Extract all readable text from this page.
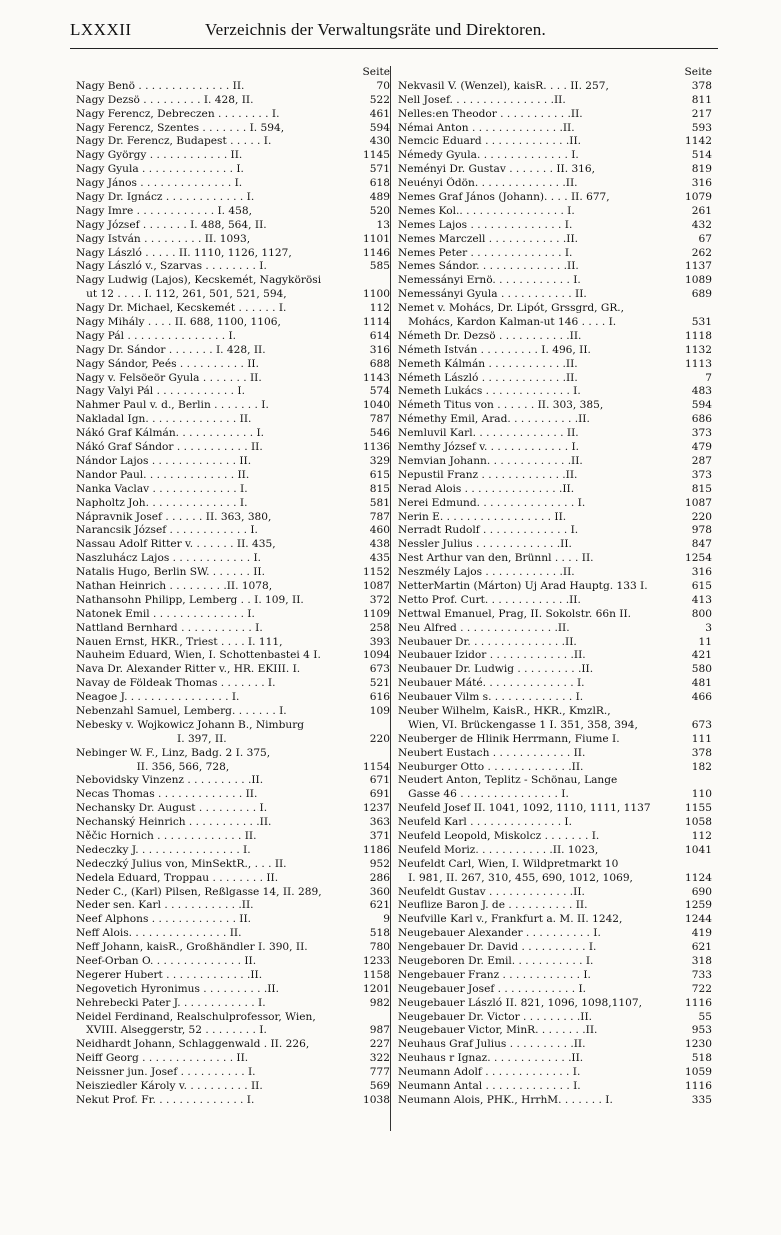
LXXXII	Verzeichnis der Verwaltungsräte und Direktoren.
Seite
Nagy Benö . . . . . . . . . . . . . . II.	70
Nagy Dezsö . . . . . . . . . I. 428, II.	522
Nagy Ferencz, Debreczen . . . . . . . . I.	461
Nagy Ferencz, Szentes . . . . . . . I. 594,	594
Nagy Dr. Ferencz, Budapest . . . . . I.	430
Nagy György . . . . . . . . . . . . II.	1145
Nagy Gyula . . . . . . . . . . . . . . I.	571
Nagy János . . . . . . . . . . . . . . I.	618
Nagy Dr. Ignácz . . . . . . . . . . . . I.	489
Nagy Imre . . . . . . . . . . . . I. 458,	520
Nagy József . . . . . . . I. 488, 564, II.	13
Nagy István . . . . . . . . . II. 1093,	1101
Nagy László . . . . . II. 1110, 1126, 1127,	1146
Nagy László v., Szarvas . . . . . . . . I.	585
Nagy Ludwig (Lajos), Kecskemét, Nagykörösi
ut 12 . . . . I. 112, 261, 501, 521, 594,	1100
Nagy Dr. Michael, Kecskemét . . . . . . I.	112
Nagy Mihály . . . . II. 688, 1100, 1106,	1114
Nagy Pál . . . . . . . . . . . . . . . I.	614
Nagy Dr. Sándor . . . . . . . I. 428, II.	316
Nagy Sándor, Peés . . . . . . . . . . II.	688
Nagy v. Felsöeör Gyula . . . . . . . II.	1143
Nagy Valyi Pál . . . . . . . . . . . . I.	574
Nahmer Paul v. d., Berlin . . . . . . . I.	1040
Nakladal Ign. . . . . . . . . . . . . . II.	787
Nákó Graf Kálmán. . . . . . . . . . . . I.	546
Nákó Graf Sándor . . . . . . . . . . . II.	1136
Nándor Lajos . . . . . . . . . . . . . II.	329
Nandor Paul. . . . . . . . . . . . . . II.	615
Nanka Vaclav . . . . . . . . . . . . . I.	815
Napholtz Joh. . . . . . . . . . . . . . I.	581
Nápravnik Josef . . . . . . II. 363, 380,	787
Narancsik József . . . . . . . . . . . . I.	460
Nassau Adolf Ritter v. . . . . . . II. 435,	438
Naszluhácz Lajos . . . . . . . . . . . . I.	435
Natalis Hugo, Berlin SW. . . . . . . II.	1152
Nathan Heinrich . . . . . . . . .II. 1078,	1087
Nathansohn Philipp, Lemberg . . I. 109, II.	372
Natonek Emil . . . . . . . . . . . . . . I.	1109
Nattland Bernhard . . . . . . . . . . . I.	258
Nauen Ernst, HKR., Triest . . . . I. 111,	393
Nauheim Eduard, Wien, I. Schottenbastei 4 I.	1094
Nava Dr. Alexander Ritter v., HR. EKIII. I.	673
Navay de Földeak Thomas . . . . . . . I.	521
Neagoe J. . . . . . . . . . . . . . . . I.	616
Nebenzahl Samuel, Lemberg. . . . . . . I.	109
Nebesky v. Wojkowicz Johann B., Nimburg
I. 397, II.	220
Nebinger W. F., Linz, Badg. 2 I. 375,
II. 356, 566, 728,	1154
Nebovidsky Vinzenz . . . . . . . . . .II.	671
Necas Thomas . . . . . . . . . . . . . II.	691
Nechansky Dr. August . . . . . . . . . I.	1237
Nechanský Heinrich . . . . . . . . . . .II.	363
Něčic Hornich . . . . . . . . . . . . . II.	371
Nedeczky J. . . . . . . . . . . . . . . . I.	1186
Nedeczký Julius von, MinSektR., . . . II.	952
Nedela Eduard, Troppau . . . . . . . . II.	286
Neder C., (Karl) Pilsen, Reßlgasse 14, II. 289,	360
Neder sen. Karl . . . . . . . . . . . .II.	621
Neef Alphons . . . . . . . . . . . . . II.	9
Neff Alois. . . . . . . . . . . . . . . II.	518
Neff Johann, kaisR., Großhändler I. 390, II.	780
Neef-Orban O. . . . . . . . . . . . . . II.	1233
Negerer Hubert . . . . . . . . . . . . .II.	1158
Negovetich Hyronimus . . . . . . . . . .II.	1201
Nehrebecki Pater J. . . . . . . . . . . . I.	982
Neidel Ferdinand, Realschulprofessor, Wien,
XVIII. Alseggerstr, 52 . . . . . . . . I.	987
Neidhardt Johann, Schlaggenwald . II. 226,	227
Neiff Georg . . . . . . . . . . . . . . II.	322
Neissner jun. Josef . . . . . . . . . . I.	777
Neisziedler Károly v. . . . . . . . . . II.	569
Nekut Prof. Fr. . . . . . . . . . . . . . I.	1038
Seite
Nekvasil V. (Wenzel), kaisR. . . . II. 257,	378
Nell Josef. . . . . . . . . . . . . . . .II.	811
Nelles:en Theodor . . . . . . . . . . .II.	217
Némai Anton . . . . . . . . . . . . . .II.	593
Nemcic Eduard . . . . . . . . . . . . .II.	1142
Némedy Gyula. . . . . . . . . . . . . . I.	514
Neményi Dr. Gustav . . . . . . . II. 316,	819
Neuényi Ödön. . . . . . . . . . . . . .II.	316
Nemes Graf János (Johann). . . . II. 677,	1079
Nemes Kol.. . . . . . . . . . . . . . . . I.	261
Nemes Lajos . . . . . . . . . . . . . . I.	432
Nemes Marczell . . . . . . . . . . . .II.	67
Nemes Peter . . . . . . . . . . . . . . I.	262
Nemes Sándor. . . . . . . . . . . . . .II.	1137
Nemessányi Ernö. . . . . . . . . . . . I.	1089
Nemessányi Gyula . . . . . . . . . . . II.	689
Nemet v. Mohács, Dr. Lipót, Grssgrd, GR.,
Mohács, Kardon Kalman-ut 146 . . . . I.	531
Németh Dr. Dezsö . . . . . . . . . . .II.	1118
Németh István . . . . . . . . . I. 496, II.	1132
Nemeth Kálmán . . . . . . . . . . . .II.	1113
Németh László . . . . . . . . . . . . .II.	7
Nemeth Lukács . . . . . . . . . . . . . I.	483
Németh Titus von . . . . . . II. 303, 385,	594
Némethy Emil, Arad. . . . . . . . . . .II.	686
Nemluvil Karl. . . . . . . . . . . . . . II.	373
Nemthy József v. . . . . . . . . . . . . I.	479
Nemvian Johann. . . . . . . . . . . . .II.	287
Nepustil Franz . . . . . . . . . . . . .II.	373
Nerad Alois . . . . . . . . . . . . . . .II.	815
Nerei Edmund. . . . . . . . . . . . . . . I.	1087
Nerin E. . . . . . . . . . . . . . . . . II.	220
Nerradt Rudolf . . . . . . . . . . . . . I.	978
Nessler Julius . . . . . . . . . . . . .II.	847
Nest Arthur van den, Brünnl . . . . II.	1254
Neszmély Lajos . . . . . . . . . . . .II.	316
NetterMartin (Márton) Uj Arad Hauptg. 133 I.	615
Netto Prof. Curt. . . . . . . . . . . . .II.	413
Nettwal Emanuel, Prag, II. Sokolstr. 66n II.	800
Neu Alfred . . . . . . . . . . . . . . .II.	3
Neubauer Dr. . . . . . . . . . . . . . .II.	11
Neubauer Izidor . . . . . . . . . . . . .II.	421
Neubauer Dr. Ludwig . . . . . . . . . .II.	580
Neubauer Máté. . . . . . . . . . . . . . I.	481
Neubauer Vilm s. . . . . . . . . . . . . I.	466
Neuber Wilhelm, KaisR., HKR., KmzlR.,
Wien, VI. Brückengasse 1 I. 351, 358, 394,	673
Neuberger de Hlinik Herrmann, Fiume I.	111
Neubert Eustach . . . . . . . . . . . . II.	378
Neuburger Otto . . . . . . . . . . . . .II.	182
Neudert Anton, Teplitz - Schönau, Lange
Gasse 46 . . . . . . . . . . . . . . . I.	110
Neufeld Josef II. 1041, 1092, 1110, 1111, 1137	1155
Neufeld Karl . . . . . . . . . . . . . . I.	1058
Neufeld Leopold, Miskolcz . . . . . . . I.	112
Neufeld Moriz. . . . . . . . . . . .II. 1023,	1041
Neufeldt Carl, Wien, I. Wildpretmarkt 10
I. 981, II. 267, 310, 455, 690, 1012, 1069,	1124
Neufeldt Gustav . . . . . . . . . . . . .II.	690
Neuflize Baron J. de . . . . . . . . . . II.	1259
Neufville Karl v., Frankfurt a. M. II. 1242,	1244
Neugebauer Alexander . . . . . . . . . . I.	419
Nengebauer Dr. David . . . . . . . . . . I.	621
Neugeboren Dr. Emil. . . . . . . . . . . I.	318
Nengebauer Franz . . . . . . . . . . . . I.	733
Neugebauer Josef . . . . . . . . . . . . I.	722
Neugebauer László II. 821, 1096, 1098,1107,	1116
Neugebauer Dr. Victor . . . . . . . . .II.	55
Neugebauer Victor, MinR. . . . . . . .II.	953
Neuhaus Graf Julius . . . . . . . . . .II.	1230
Neuhaus r Ignaz. . . . . . . . . . . . .II.	518
Neumann Adolf . . . . . . . . . . . . . I.	1059
Neumann Antal . . . . . . . . . . . . . I.	1116
Neumann Alois, PHK., HrrhM. . . . . . . I.	335
